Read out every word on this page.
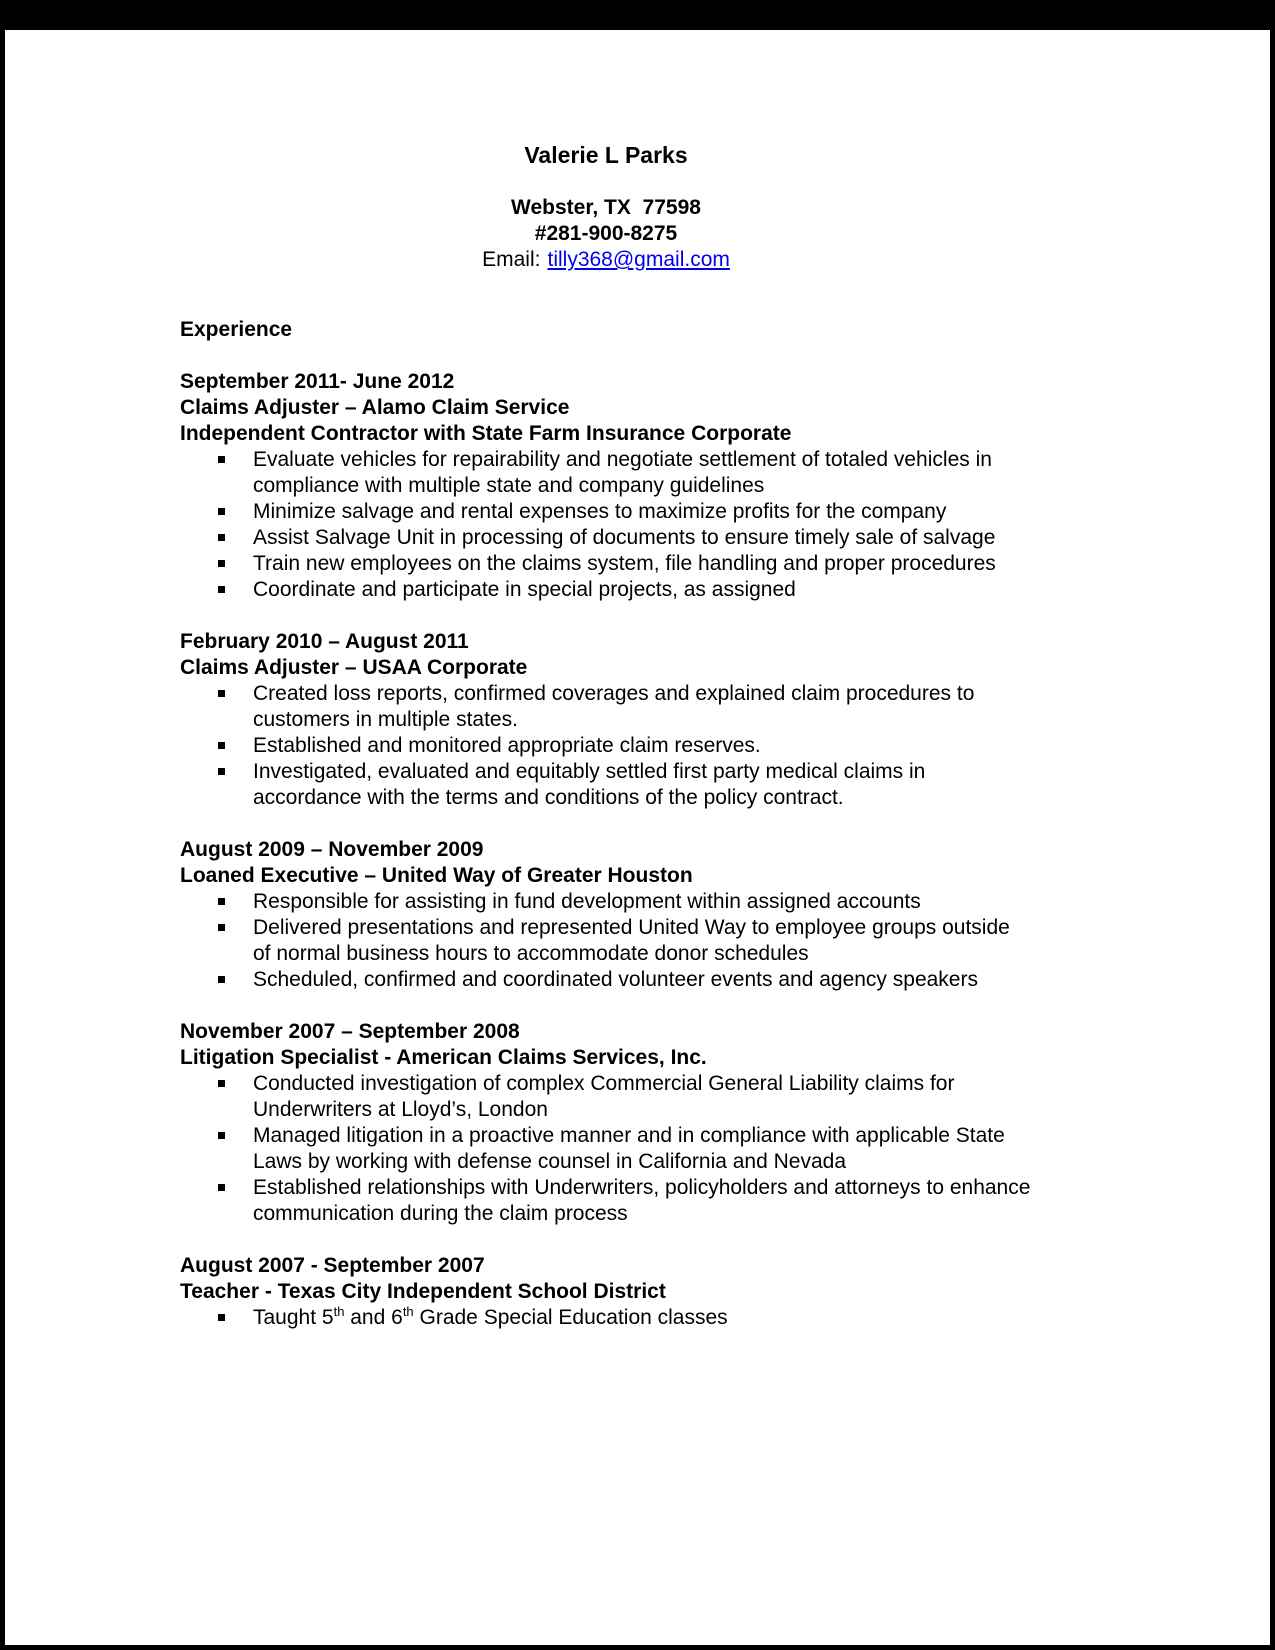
Valerie L Parks

Webster, TX  77598

#281-900-8275

Email: tilly368@gmail.com

Experience

September 2011- June 2012

Claims Adjuster – Alamo Claim Service

Independent Contractor with State Farm Insurance Corporate

Evaluate vehicles for repairability and negotiate settlement of totaled vehicles in compliance with multiple state and company guidelines
Minimize salvage and rental expenses to maximize profits for the company
Assist Salvage Unit in processing of documents to ensure timely sale of salvage
Train new employees on the claims system, file handling and proper procedures
Coordinate and participate in special projects, as assigned

February 2010 – August 2011

Claims Adjuster – USAA Corporate

Created loss reports, confirmed coverages and explained claim procedures to customers in multiple states.
Established and monitored appropriate claim reserves.
Investigated, evaluated and equitably settled first party medical claims in accordance with the terms and conditions of the policy contract.

August 2009 – November 2009

Loaned Executive – United Way of Greater Houston

Responsible for assisting in fund development within assigned accounts
Delivered presentations and represented United Way to employee groups outside of normal business hours to accommodate donor schedules
Scheduled, confirmed and coordinated volunteer events and agency speakers

November 2007 – September 2008

Litigation Specialist - American Claims Services, Inc.

Conducted investigation of complex Commercial General Liability claims for Underwriters at Lloyd’s, London
Managed litigation in a proactive manner and in compliance with applicable State Laws by working with defense counsel in California and Nevada
Established relationships with Underwriters, policyholders and attorneys to enhance communication during the claim process

August 2007 - September 2007

Teacher - Texas City Independent School District

Taught 5th and 6th Grade Special Education classes
